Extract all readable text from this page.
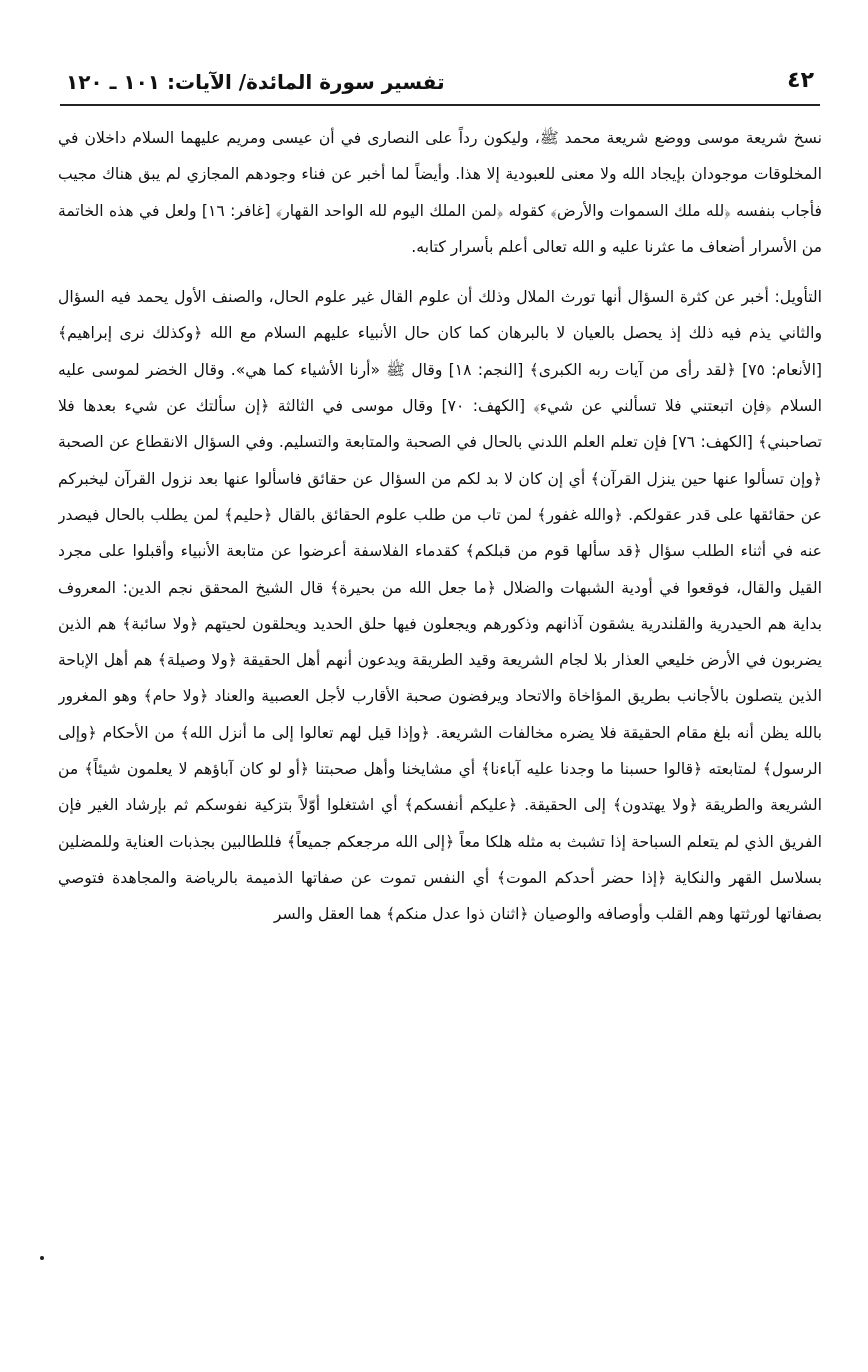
٤٢
تفسير سورة المائدة/ الآيات: ١٠١ ـ ١٢٠

نسخ شريعة موسى ووضع شريعة محمد ﷺ، وليكون رداً على النصارى في أن عيسى ومريم عليهما السلام داخلان في المخلوقات موجودان بإيجاد الله ولا معنى للعبودية إلا هذا. وأيضاً لما أخبر عن فناء وجودهم المجازي لم يبق هناك مجيب فأجاب بنفسه ﴿لله ملك السموات والأرض﴾ كقوله ﴿لمن الملك اليوم لله الواحد القهار﴾ [غافر: ١٦] ولعل في هذه الخاتمة من الأسرار أضعاف ما عثرنا عليه و الله تعالى أعلم بأسرار كتابه.

التأويل: أخبر عن كثرة السؤال أنها تورث الملال وذلك أن علوم القال غير علوم الحال، والصنف الأول يحمد فيه السؤال والثاني يذم فيه ذلك إذ يحصل بالعيان لا بالبرهان كما كان حال الأنبياء عليهم السلام مع الله ﴿وكذلك نرى إبراهيم﴾ [الأنعام: ٧٥] ﴿لقد رأى من آيات ربه الكبرى﴾ [النجم: ١٨] وقال ﷺ «أرنا الأشياء كما هي». وقال الخضر لموسى عليه السلام ﴿فإن اتبعتني فلا تسألني عن شيء﴾ [الكهف: ٧٠] وقال موسى في الثالثة ﴿إن سألتك عن شيء بعدها فلا تصاحبني﴾ [الكهف: ٧٦] فإن تعلم العلم اللدني بالحال في الصحبة والمتابعة والتسليم. وفي السؤال الانقطاع عن الصحبة ﴿وإن تسألوا عنها حين ينزل القرآن﴾ أي إن كان لا بد لكم من السؤال عن حقائق فاسألوا عنها بعد نزول القرآن ليخبركم عن حقائقها على قدر عقولكم. ﴿والله غفور﴾ لمن تاب من طلب علوم الحقائق بالقال ﴿حليم﴾ لمن يطلب بالحال فيصدر عنه في أثناء الطلب سؤال ﴿قد سألها قوم من قبلكم﴾ كقدماء الفلاسفة أعرضوا عن متابعة الأنبياء وأقبلوا على مجرد القيل والقال، فوقعوا في أودية الشبهات والضلال ﴿ما جعل الله من بحيرة﴾ قال الشيخ المحقق نجم الدين: المعروف بداية هم الحيدرية والقلندرية يشقون آذانهم وذكورهم ويجعلون فيها حلق الحديد ويحلقون لحيتهم ﴿ولا سائبة﴾ هم الذين يضربون في الأرض خليعي العذار بلا لجام الشريعة وقيد الطريقة ويدعون أنهم أهل الحقيقة ﴿ولا وصيلة﴾ هم أهل الإباحة الذين يتصلون بالأجانب بطريق المؤاخاة والاتحاد ويرفضون صحبة الأقارب لأجل العصبية والعناد ﴿ولا حام﴾ وهو المغرور بالله يظن أنه بلغ مقام الحقيقة فلا يضره مخالفات الشريعة. ﴿وإذا قيل لهم تعالوا إلى ما أنزل الله﴾ من الأحكام ﴿وإلى الرسول﴾ لمتابعته ﴿قالوا حسبنا ما وجدنا عليه آباءنا﴾ أي مشايخنا وأهل صحبتنا ﴿أو لو كان آباؤهم لا يعلمون شيئاً﴾ من الشريعة والطريقة ﴿ولا يهتدون﴾ إلى الحقيقة. ﴿عليكم أنفسكم﴾ أي اشتغلوا أوّلاً بتزكية نفوسكم ثم بإرشاد الغير فإن الفريق الذي لم يتعلم السباحة إذا تشبث به مثله هلكا معاً ﴿إلى الله مرجعكم جميعاً﴾ فللطالبين بجذبات العناية وللمضلين بسلاسل القهر والنكاية ﴿إذا حضر أحدكم الموت﴾ أي النفس تموت عن صفاتها الذميمة بالرياضة والمجاهدة فتوصي بصفاتها لورثتها وهم القلب وأوصافه والوصيان ﴿اثنان ذوا عدل منكم﴾ هما العقل والسر
